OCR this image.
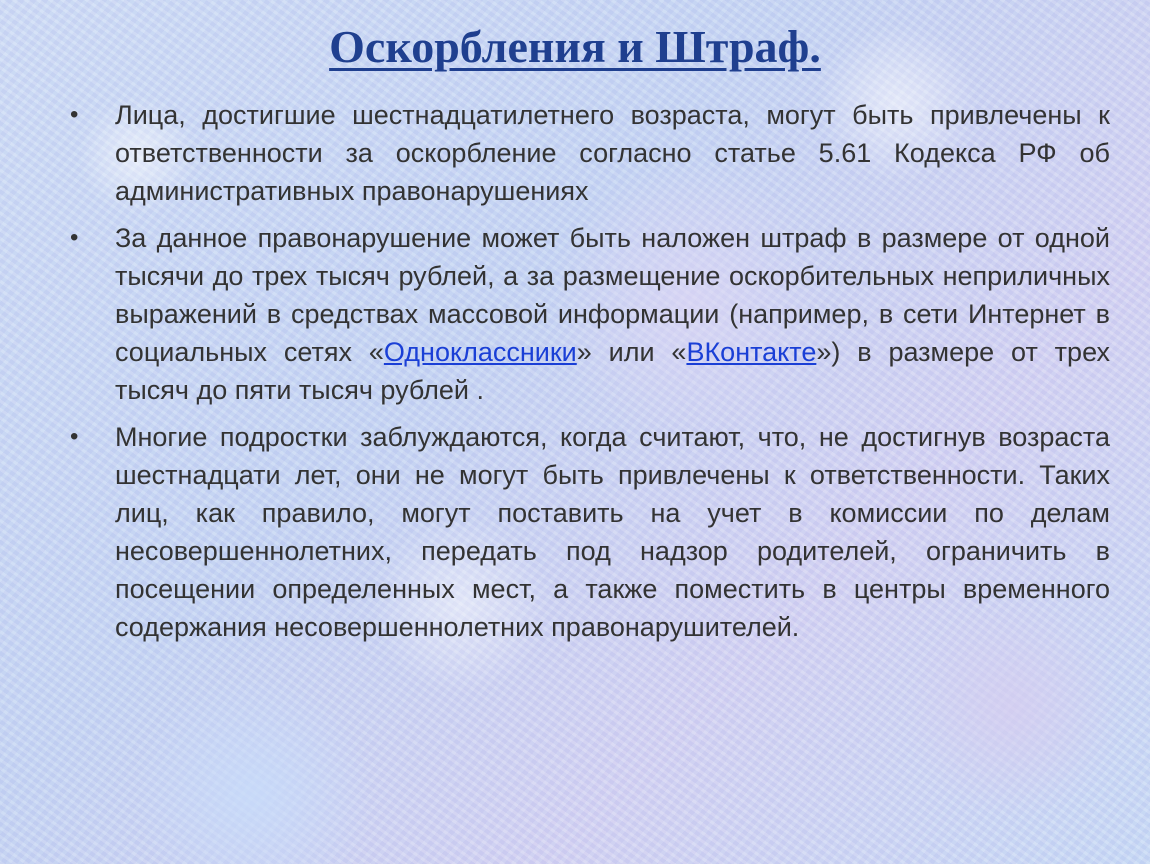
Оскорбления и Штраф.
•	Лица, достигшие шестнадцатилетнего возраста, могут быть привлечены к ответственности за оскорбление согласно статье 5.61 Кодекса РФ об административных правонарушениях
•	За данное правонарушение может быть наложен штраф в размере от одной тысячи до трех тысяч рублей, а за размещение оскорбительных неприличных выражений в средствах массовой информации (например, в сети Интернет в социальных сетях «Одноклассники» или «ВКонтакте») в размере от трех тысяч до пяти тысяч рублей .
•	Многие подростки заблуждаются, когда считают, что, не достигнув возраста шестнадцати лет, они не могут быть привлечены к ответственности. Таких лиц, как правило, могут поставить на учет в комиссии по делам несовершеннолетних, передать под надзор родителей, ограничить в посещении определенных мест, а также поместить в центры временного содержания несовершеннолетних правонарушителей.
